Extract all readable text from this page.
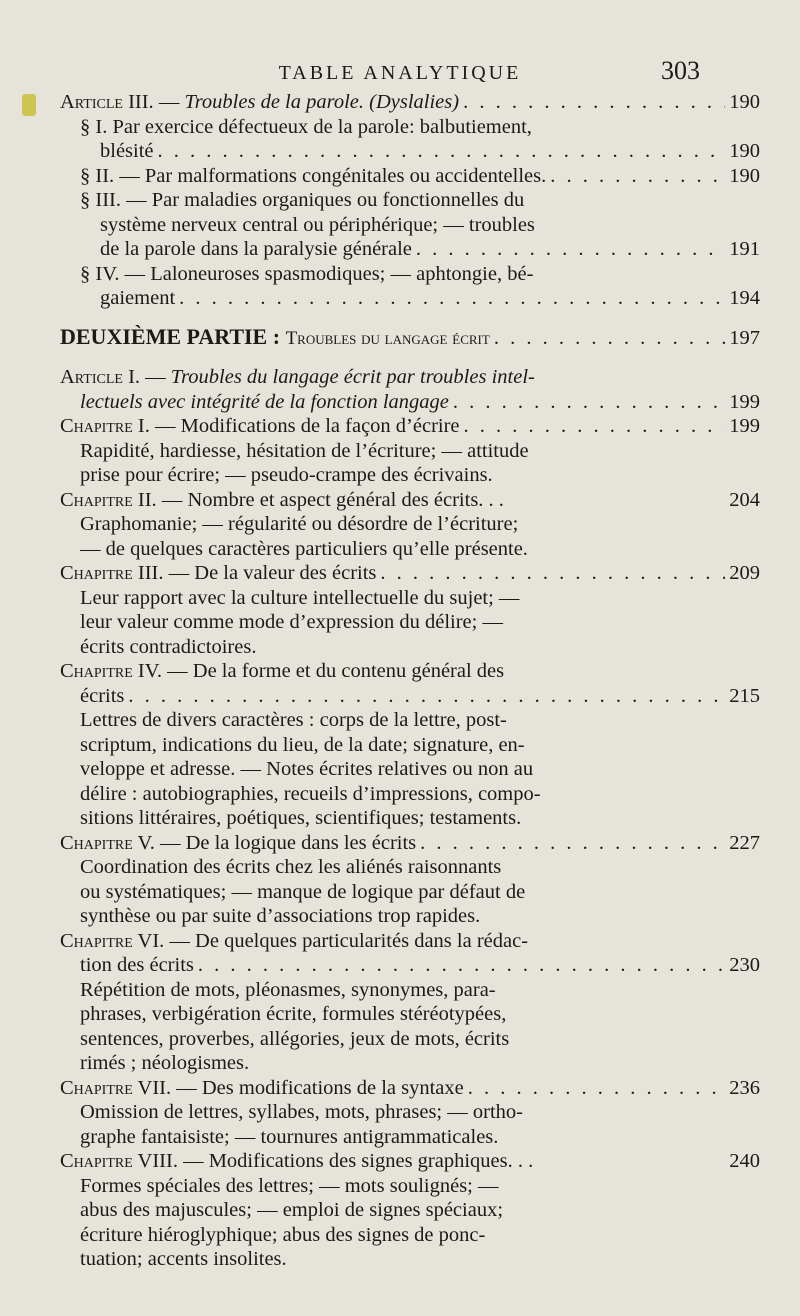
TABLE ANALYTIQUE	303
Article III. — Troubles de la parole. (Dyslalies) . . .	190
§ I. Par exercice défectueux de la parole: balbutiement,
blésité . . .	190
§ II. — Par malformations congénitales ou accidentelles. . . .	190
§ III. — Par maladies organiques ou fonctionnelles du
système nerveux central ou périphérique; — troubles
de la parole dans la paralysie générale . . .	191
§ IV. — Laloneuroses spasmodiques; — aphtongie, bé-
gaiement . . .	194
DEUXIÈME PARTIE : Troubles du langage écrit . . .	197
Article I. — Troubles du langage écrit par troubles intel-
lectuels avec intégrité de la fonction langage . . .	199
Chapitre I. — Modifications de la façon d’écrire . . .	199
Rapidité, hardiesse, hésitation de l’écriture; — attitude
prise pour écrire; — pseudo-crampe des écrivains.
Chapitre II. — Nombre et aspect général des écrits. . .	204
Graphomanie; — régularité ou désordre de l’écriture;
— de quelques caractères particuliers qu’elle présente.
Chapitre III. — De la valeur des écrits . . .	209
Leur rapport avec la culture intellectuelle du sujet; —
leur valeur comme mode d’expression du délire; —
écrits contradictoires.
Chapitre IV. — De la forme et du contenu général des
écrits . . .	215
Lettres de divers caractères : corps de la lettre, post-
scriptum, indications du lieu, de la date; signature, en-
veloppe et adresse. — Notes écrites relatives ou non au
délire : autobiographies, recueils d’impressions, compo-
sitions littéraires, poétiques, scientifiques; testaments.
Chapitre V. — De la logique dans les écrits . . .	227
Coordination des écrits chez les aliénés raisonnants
ou systématiques; — manque de logique par défaut de
synthèse ou par suite d’associations trop rapides.
Chapitre VI. — De quelques particularités dans la rédac-
tion des écrits . . .	230
Répétition de mots, pléonasmes, synonymes, para-
phrases, verbigération écrite, formules stéréotypées,
sentences, proverbes, allégories, jeux de mots, écrits
rimés ; néologismes.
Chapitre VII. — Des modifications de la syntaxe . . .	236
Omission de lettres, syllabes, mots, phrases; — ortho-
graphe fantaisiste; — tournures antigrammaticales.
Chapitre VIII. — Modifications des signes graphiques. . .	240
Formes spéciales des lettres; — mots soulignés; —
abus des majuscules; — emploi de signes spéciaux;
écriture hiéroglyphique; abus des signes de ponc-
tuation; accents insolites.
